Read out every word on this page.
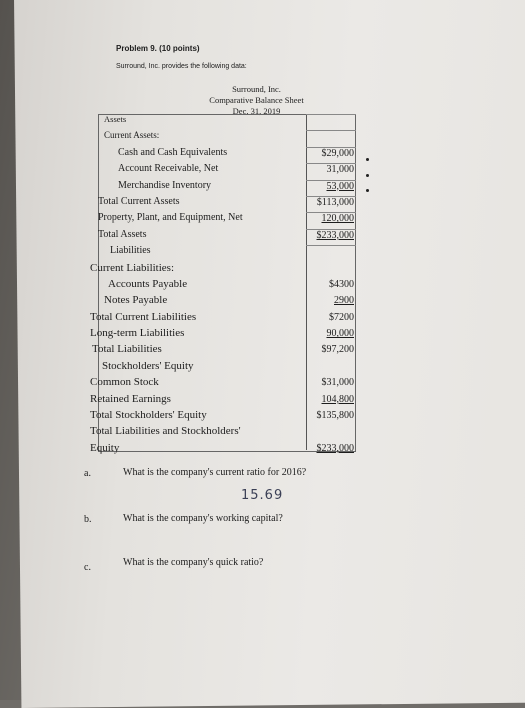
Problem 9. (10 points)
Surround, Inc. provides the following data:
Surround, Inc.
Comparative Balance Sheet
Dec. 31, 2019
Assets
Current Assets:
Cash and Cash Equivalents	$29,000
Account Receivable, Net	31,000
Merchandise Inventory	53,000
Total Current Assets	$113,000
Property, Plant, and Equipment, Net	120,000
Total Assets	$233,000
Liabilities
Current Liabilities:
Accounts Payable	$4300
Notes Payable	2900
Total Current Liabilities	$7200
Long-term Liabilities	90,000
Total Liabilities	$97,200
Stockholders' Equity
Common Stock	$31,000
Retained Earnings	104,800
Total Stockholders' Equity	$135,800
Total Liabilities and Stockholders'
Equity	$233,000
a.	What is the company's current ratio for 2016?
15.69
b.	What is the company's working capital?
c.	What is the company's quick ratio?
